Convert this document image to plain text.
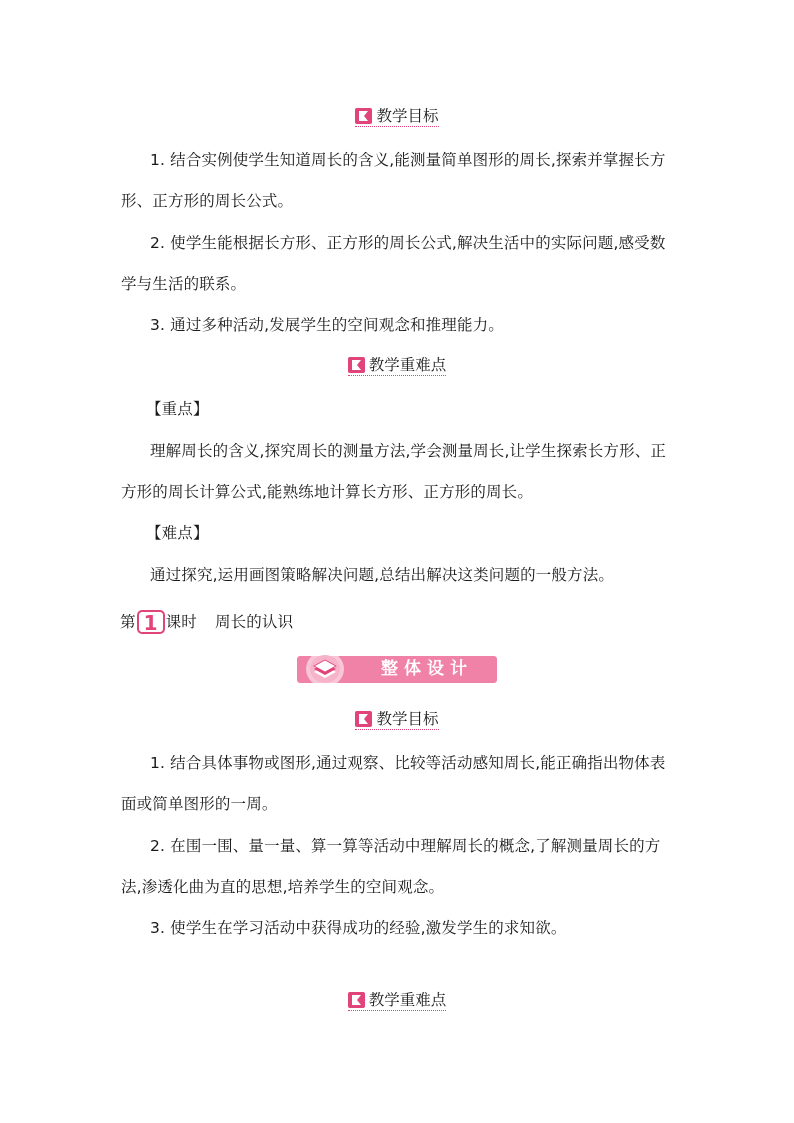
教学目标
1. 结合实例使学生知道周长的含义,能测量简单图形的周长,探索并掌握长方
形、正方形的周长公式。
2. 使学生能根据长方形、正方形的周长公式,解决生活中的实际问题,感受数
学与生活的联系。
3. 通过多种活动,发展学生的空间观念和推理能力。
教学重难点
【重点】
理解周长的含义,探究周长的测量方法,学会测量周长,让学生探索长方形、正
方形的周长计算公式,能熟练地计算长方形、正方形的周长。
【难点】
通过探究,运用画图策略解决问题,总结出解决这类问题的一般方法。
第 1 课时 周长的认识
整体设计
教学目标
1. 结合具体事物或图形,通过观察、比较等活动感知周长,能正确指出物体表
面或简单图形的一周。
2. 在围一围、量一量、算一算等活动中理解周长的概念,了解测量周长的方
法,渗透化曲为直的思想,培养学生的空间观念。
3. 使学生在学习活动中获得成功的经验,激发学生的求知欲。
教学重难点
